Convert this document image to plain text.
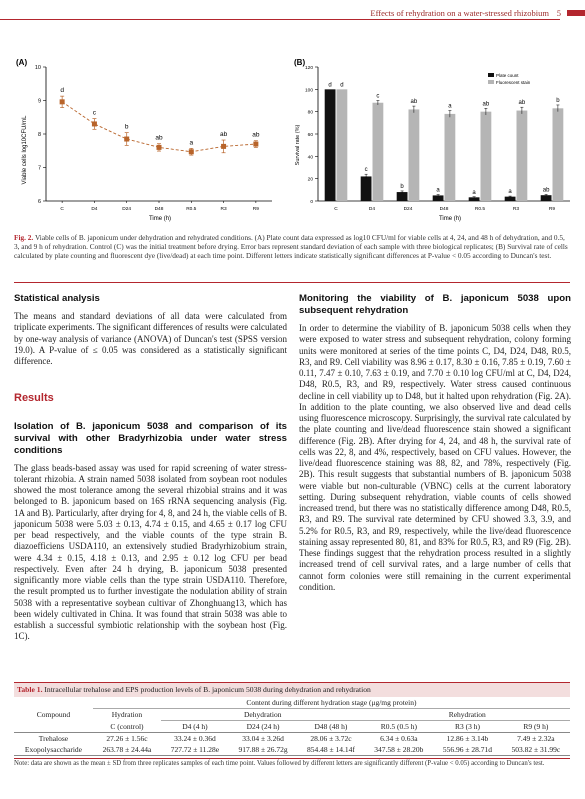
Effects of rehydration on a water-stressed rhizobium 5
(A)
Viable cells log10CFU/mL
Time (h)
6
7
8
9
10
C	D4	D24	D48	R0.5	R3	R9
d
c
b
ab
a
ab	ab
(B)
Survival rate (%)
Time (h)
Plate count
Fluorescent stain
0
20
40
60
80
100
120
C	D4	D24	D48	R0.5	R3	R9
d
c
b
a	a	a	ab
d
c
ab
a	ab	ab	b
Fig. 2. Viable cells of B. japonicum under dehydration and rehydrated conditions. (A) Plate count data expressed as log10 CFU/ml for viable cells at 4, 24, and 48 h of dehydration, and 0.5, 3, and 9 h of rehydration. Control (C) was the initial treatment before drying. Error bars represent standard deviation of each sample with three biological replicates; (B) Survival rate of cells calculated by plate counting and fluorescent dye (live/dead) at each time point. Different letters indicate statistically significant differences at P-value < 0.05 according to Duncan's test.
Statistical analysis

The means and standard deviations of all data were calculated from triplicate experiments. The significant differences of results were calculated by one-way analysis of variance (ANOVA) of Duncan's test (SPSS version 19.0). A P-value of ≤ 0.05 was considered as a statistically significant difference.

Results
Isolation of B. japonicum 5038 and comparison of its survival with other Bradyrhizobia under water stress conditions

The glass beads-based assay was used for rapid screening of water stress-tolerant rhizobia. A strain named 5038 isolated from soybean root nodules showed the most tolerance among the several rhizobial strains and it was belonged to B. japonicum based on 16S rRNA sequencing analysis (Fig. 1A and B). Particularly, after drying for 4, 8, and 24 h, the viable cells of B. japonicum 5038 were 5.03 ± 0.13, 4.74 ± 0.15, and 4.65 ± 0.17 log CFU per bead respectively, and the viable counts of the type strain B. diazoefficiens USDA110, an extensively studied Bradyrhizobium strain, were 4.34 ± 0.15, 4.18 ± 0.13, and 2.95 ± 0.12 log CFU per bead respectively. Even after 24 h drying, B. japonicum 5038 presented significantly more viable cells than the type strain USDA110. Therefore, the result prompted us to further investigate the nodulation ability of strain 5038 with a representative soybean cultivar of Zhonghuang13, which has been widely cultivated in China. It was found that strain 5038 was able to establish a successful symbiotic relationship with the soybean host (Fig. 1C).

Monitoring the viability of B. japonicum 5038 upon subsequent rehydration

In order to determine the viability of B. japonicum 5038 cells when they were exposed to water stress and subsequent rehydration, colony forming units were monitored at series of the time points C, D4, D24, D48, R0.5, R3, and R9. Cell viability was 8.96 ± 0.17, 8.30 ± 0.16, 7.85 ± 0.19, 7.60 ± 0.11, 7.47 ± 0.10, 7.63 ± 0.19, and 7.70 ± 0.10 log CFU/ml at C, D4, D24, D48, R0.5, R3, and R9, respectively. Water stress caused continuous decline in cell viability up to D48, but it halted upon rehydration (Fig. 2A). In addition to the plate counting, we also observed live and dead cells using fluorescence microscopy. Surprisingly, the survival rate calculated by the plate counting and live/dead fluorescence stain showed a significant difference (Fig. 2B). After drying for 4, 24, and 48 h, the survival rate of cells was 22, 8, and 4%, respectively, based on CFU values. However, the live/dead fluorescence staining was 88, 82, and 78%, respectively (Fig. 2B). This result suggests that substantial numbers of B. japonicum 5038 were viable but non-culturable (VBNC) cells at the current laboratory setting. During subsequent rehydration, viable counts of cells showed increased trend, but there was no statistically difference among D48, R0.5, R3, and R9. The survival rate determined by CFU showed 3.3, 3.9, and 5.2% for R0.5, R3, and R9, respectively, while the live/dead fluorescence staining assay represented 80, 81, and 83% for R0.5, R3, and R9 (Fig. 2B). These findings suggest that the rehydration process resulted in a slightly increased trend of cell survival rates, and a large number of cells that cannot form colonies were still remaining in the current experimental condition.

Table 1. Intracellular trehalose and EPS production levels of B. japonicum 5038 during dehydration and rehydration
Compound	Content during different hydration stage (μg/mg protein)						
	Hydration	Dehydration			Rehydration		
	C (control)	D4 (4 h)	D24 (24 h)	D48 (48 h)	R0.5 (0.5 h)	R3 (3 h)	R9 (9 h)
Trehalose	27.26 ± 1.56c	33.24 ± 0.36d	33.04 ± 3.26d	28.06 ± 3.72c	6.34 ± 0.63a	12.86 ± 3.14b	7.49 ± 2.32a
Exopolysaccharide	263.78 ± 24.44a	727.72 ± 11.28e	917.88 ± 26.72g	854.48 ± 14.14f	347.58 ± 28.20b	556.96 ± 28.71d	503.82 ± 31.99c
Note: data are shown as the mean ± SD from three replicates samples of each time point. Values followed by different letters are significantly different (P-value < 0.05) according to Duncan's test.
